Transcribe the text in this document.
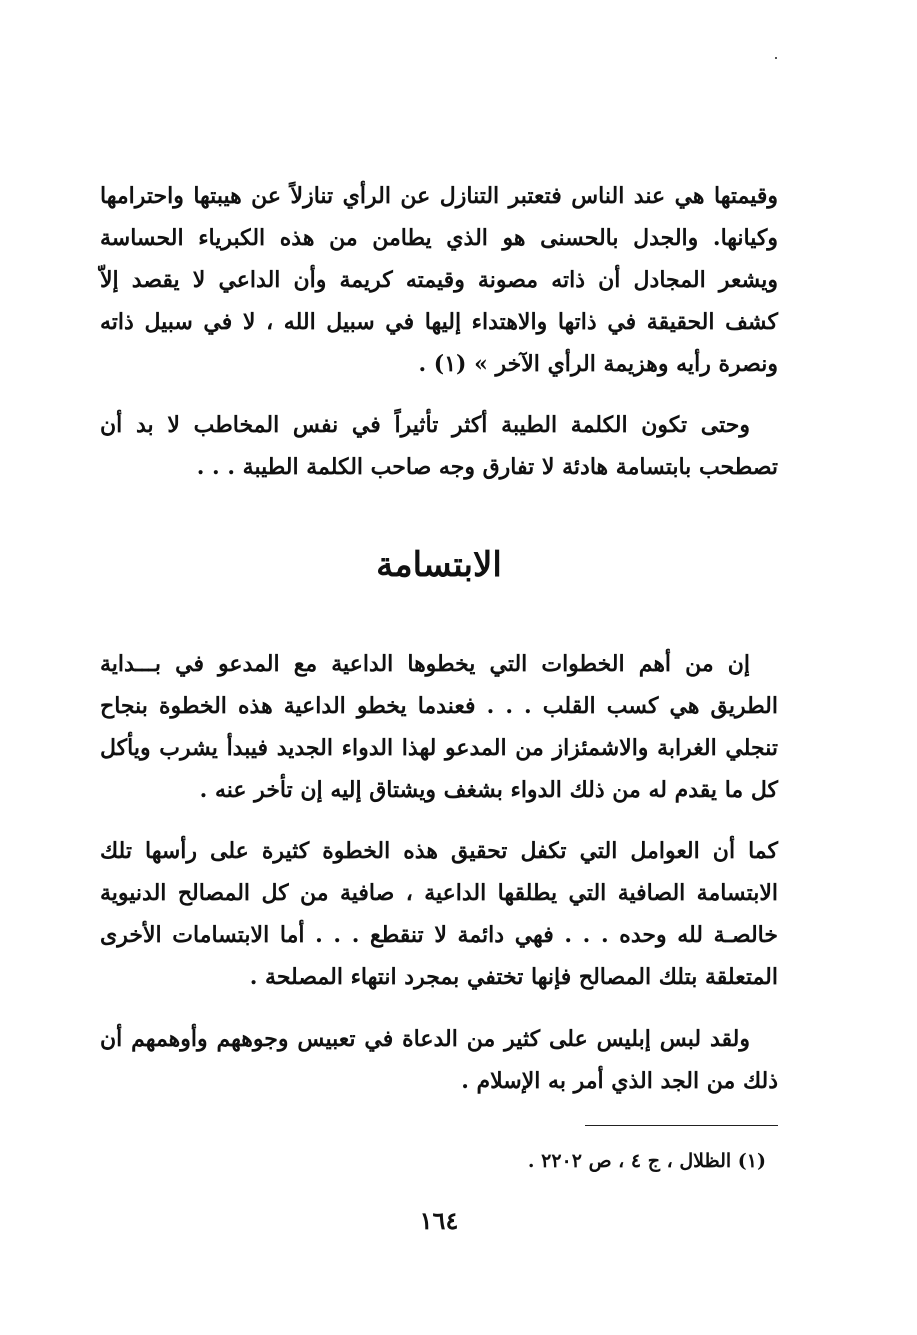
وقيمتها هي عند الناس فتعتبر التنازل عن الرأي تنازلاً عن هيبتها واحترامها وكيانها. والجدل بالحسنى هو الذي يطامن من هذه الكبرياء الحساسة ويشعر المجادل أن ذاته مصونة وقيمته كريمة وأن الداعي لا يقصد إلاّ كشف الحقيقة في ذاتها والاهتداء إليها في سبيل الله ، لا في سبيل ذاته ونصرة رأيه وهزيمة الرأي الآخر » (١) .

وحتى تكون الكلمة الطيبة أكثر تأثيراً في نفس المخاطب لا بد أن تصطحب بابتسامة هادئة لا تفارق وجه صاحب الكلمة الطيبة . . .

الابتسامة

إن من أهم الخطوات التي يخطوها الداعية مع المدعو في بـــداية الطريق هي كسب القلب . . . فعندما يخطو الداعية هذه الخطوة بنجاح تنجلي الغرابة والاشمئزاز من المدعو لهذا الدواء الجديد فيبدأ يشرب ويأكل كل ما يقدم له من ذلك الدواء بشغف ويشتاق إليه إن تأخر عنه .

كما أن العوامل التي تكفل تحقيق هذه الخطوة كثيرة على رأسها تلك الابتسامة الصافية التي يطلقها الداعية ، صافية من كل المصالح الدنيوية خالصـة لله وحده . . . فهي دائمة لا تنقطع . . . أما الابتسامات الأخرى المتعلقة بتلك المصالح فإنها تختفي بمجرد انتهاء المصلحة .

ولقد لبس إبليس على كثير من الدعاة في تعبيس وجوههم وأوهمهم أن ذلك من الجد الذي أمر به الإسلام .

(١) الظلال ، ج ٤ ، ص ٢٢٠٢ .
١٦٤
